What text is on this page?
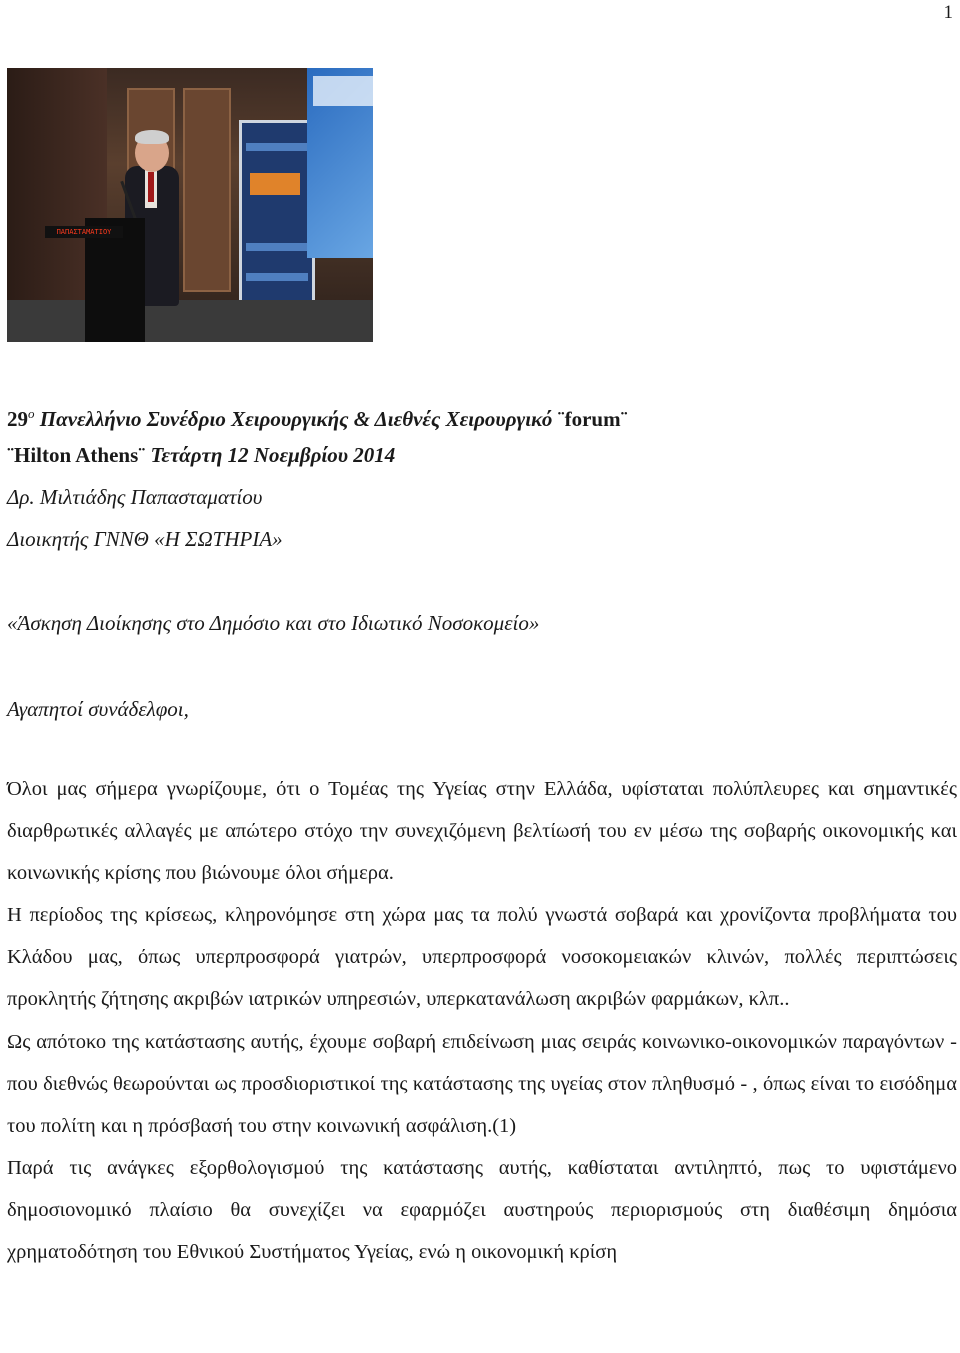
1
ΠΑΠΑΣΤΑΜΑΤΙΟΥ
$29^o$ Πανελλήνιο Συνέδριο Χειρουργικής & Διεθνές Χειρουργικό ¨forum¨
¨Hilton Athens¨ Τετάρτη 12 Νοεμβρίου 2014
Δρ. Μιλτιάδης Παπασταματίου
Διοικητής ΓΝΝΘ «Η ΣΩΤΗΡΙΑ»
«Άσκηση Διοίκησης στο Δημόσιο και στο Ιδιωτικό Νοσοκομείο»
Αγαπητοί συνάδελφοι,

Όλοι μας σήμερα γνωρίζουμε, ότι ο Τομέας της Υγείας στην Ελλάδα, υφίσταται πολύπλευρες και σημαντικές διαρθρωτικές αλλαγές με απώτερο στόχο την συνεχιζόμενη βελτίωσή του εν μέσω της σοβαρής οικονομικής και κοινωνικής κρίσης που βιώνουμε όλοι σήμερα.

Η περίοδος της κρίσεως, κληρονόμησε στη χώρα μας τα πολύ γνωστά σοβαρά και χρονίζοντα προβλήματα του Κλάδου μας, όπως υπερπροσφορά γιατρών, υπερπροσφορά νοσοκομειακών κλινών, πολλές περιπτώσεις προκλητής ζήτησης ακριβών ιατρικών υπηρεσιών, υπερκατανάλωση ακριβών φαρμάκων, κλπ..

Ως απότοκο της κατάστασης αυτής, έχουμε σοβαρή επιδείνωση μιας σειράς κοινωνικο-οικονομικών παραγόντων - που διεθνώς θεωρούνται ως προσδιοριστικοί της κατάστασης της υγείας στον πληθυσμό - , όπως είναι το εισόδημα του πολίτη και η πρόσβασή του στην κοινωνική ασφάλιση.(1)

Παρά τις ανάγκες εξορθολογισμού της κατάστασης αυτής, καθίσταται αντιληπτό, πως το υφιστάμενο δημοσιονομικό πλαίσιο θα συνεχίζει να εφαρμόζει αυστηρούς περιορισμούς στη διαθέσιμη δημόσια χρηματοδότηση του Εθνικού Συστήματος Υγείας, ενώ η οικονομική κρίση
